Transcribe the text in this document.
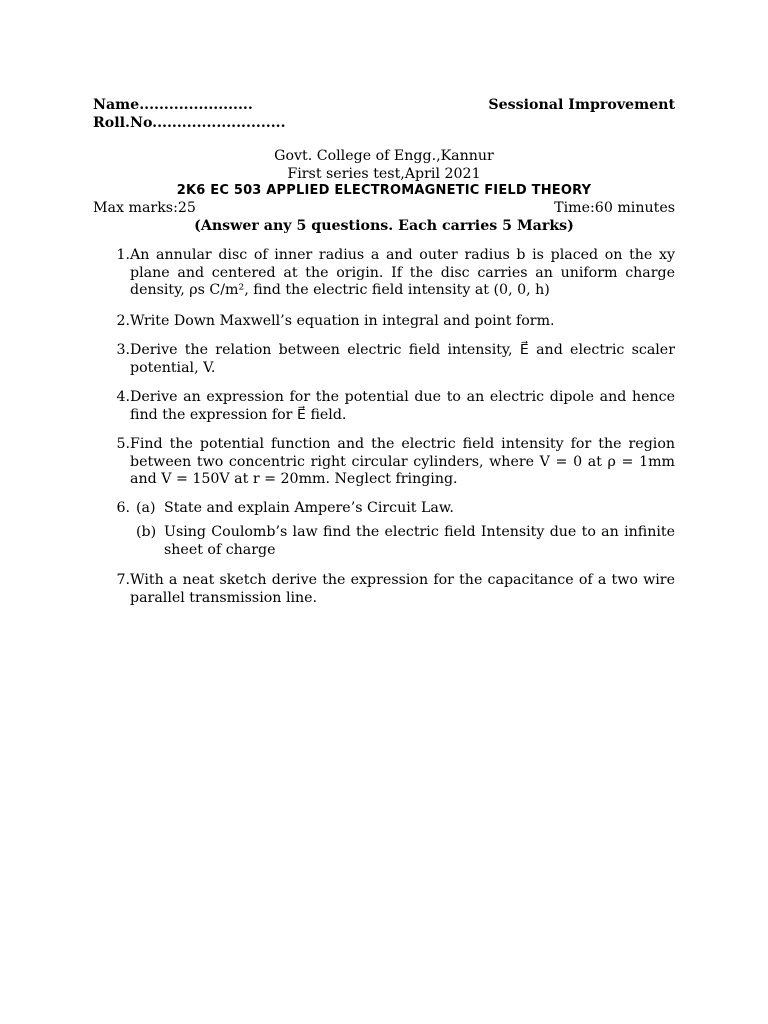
Name.......................	Sessional Improvement
Roll.No...........................
Govt. College of Engg.,Kannur
First series test,April 2021
2K6 EC 503 APPLIED ELECTROMAGNETIC FIELD THEORY
Max marks:25	Time:60 minutes
(Answer any 5 questions. Each carries 5 Marks)
1. An annular disc of inner radius a and outer radius b is placed on the xy plane and centered at the origin. If the disc carries an uniform charge density, ρs C/m², find the electric field intensity at (0, 0, h)
2. Write Down Maxwell’s equation in integral and point form.
3. Derive the relation between electric field intensity, E⃗ and electric scaler potential, V.
4. Derive an expression for the potential due to an electric dipole and hence find the expression for E⃗ field.
5. Find the potential function and the electric field intensity for the region between two concentric right circular cylinders, where V = 0 at ρ = 1mm and V = 150V at r = 20mm. Neglect fringing.
6. (a) State and explain Ampere’s Circuit Law.
(b) Using Coulomb’s law find the electric field Intensity due to an infinite sheet of charge
7. With a neat sketch derive the expression for the capacitance of a two wire parallel transmission line.
